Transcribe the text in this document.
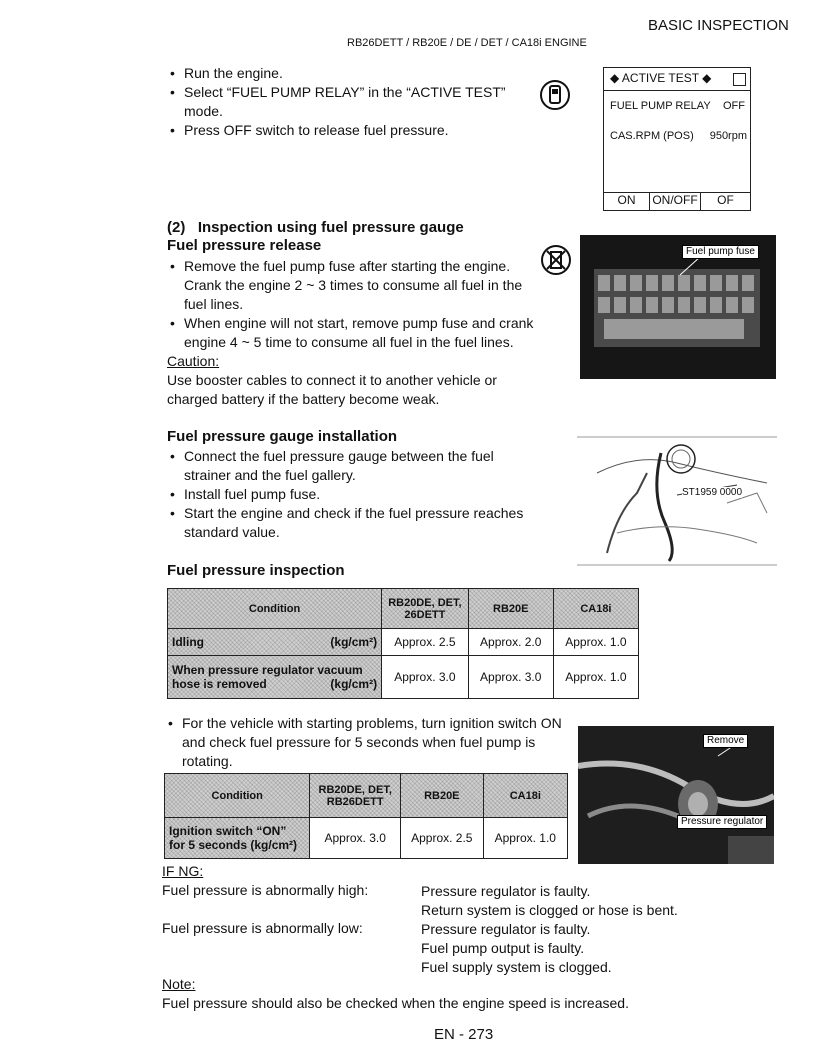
BASIC INSPECTION
RB26DETT / RB20E / DE / DET / CA18i ENGINE
• Run the engine.
• Select “FUEL PUMP RELAY” in the “ACTIVE TEST” mode.
• Press OFF switch to release fuel pressure.
◆ ACTIVE TEST ◆
FUEL PUMP RELAY OFF
CAS.RPM (POS) 950rpm
ON	ON/OFF	OF
(2)   Inspection using fuel pressure gauge
Fuel pressure release
• Remove the fuel pump fuse after starting the engine. Crank the engine 2 ~ 3 times to consume all fuel in the fuel lines.
• When engine will not start, remove pump fuse and crank engine 4 ~ 5 time to consume all fuel in the fuel lines.
Caution:
Use booster cables to connect it to another vehicle or charged battery if the battery become weak.
Fuel pump fuse
Fuel pressure gauge installation
• Connect the fuel pressure gauge between the fuel strainer and the fuel gallery.
• Install fuel pump fuse.
• Start the engine and check if the fuel pressure reaches standard value.
ST1959 0000
Fuel pressure inspection
Condition	RB20DE, DET, 26DETT	RB20E	CA18i
Idling (kg/cm²)	Approx. 2.5	Approx. 2.0	Approx. 1.0
When pressure regulator vacuum hose is removed (kg/cm²)	Approx. 3.0	Approx. 3.0	Approx. 1.0
• For the vehicle with starting problems, turn ignition switch ON and check fuel pressure for 5 seconds when fuel pump is rotating.
Remove
Pressure regulator
Condition	RB20DE, DET, RB26DETT	RB20E	CA18i
Ignition switch “ON” for 5 seconds (kg/cm²)	Approx. 3.0	Approx. 2.5	Approx. 1.0
IF NG:
Fuel pressure is abnormally high:	Pressure regulator is faulty.
Return system is clogged or hose is bent.
Fuel pressure is abnormally low:	Pressure regulator is faulty.
Fuel pump output is faulty.
Fuel supply system is clogged.
Note:
Fuel pressure should also be checked when the engine speed is increased.
EN - 273
